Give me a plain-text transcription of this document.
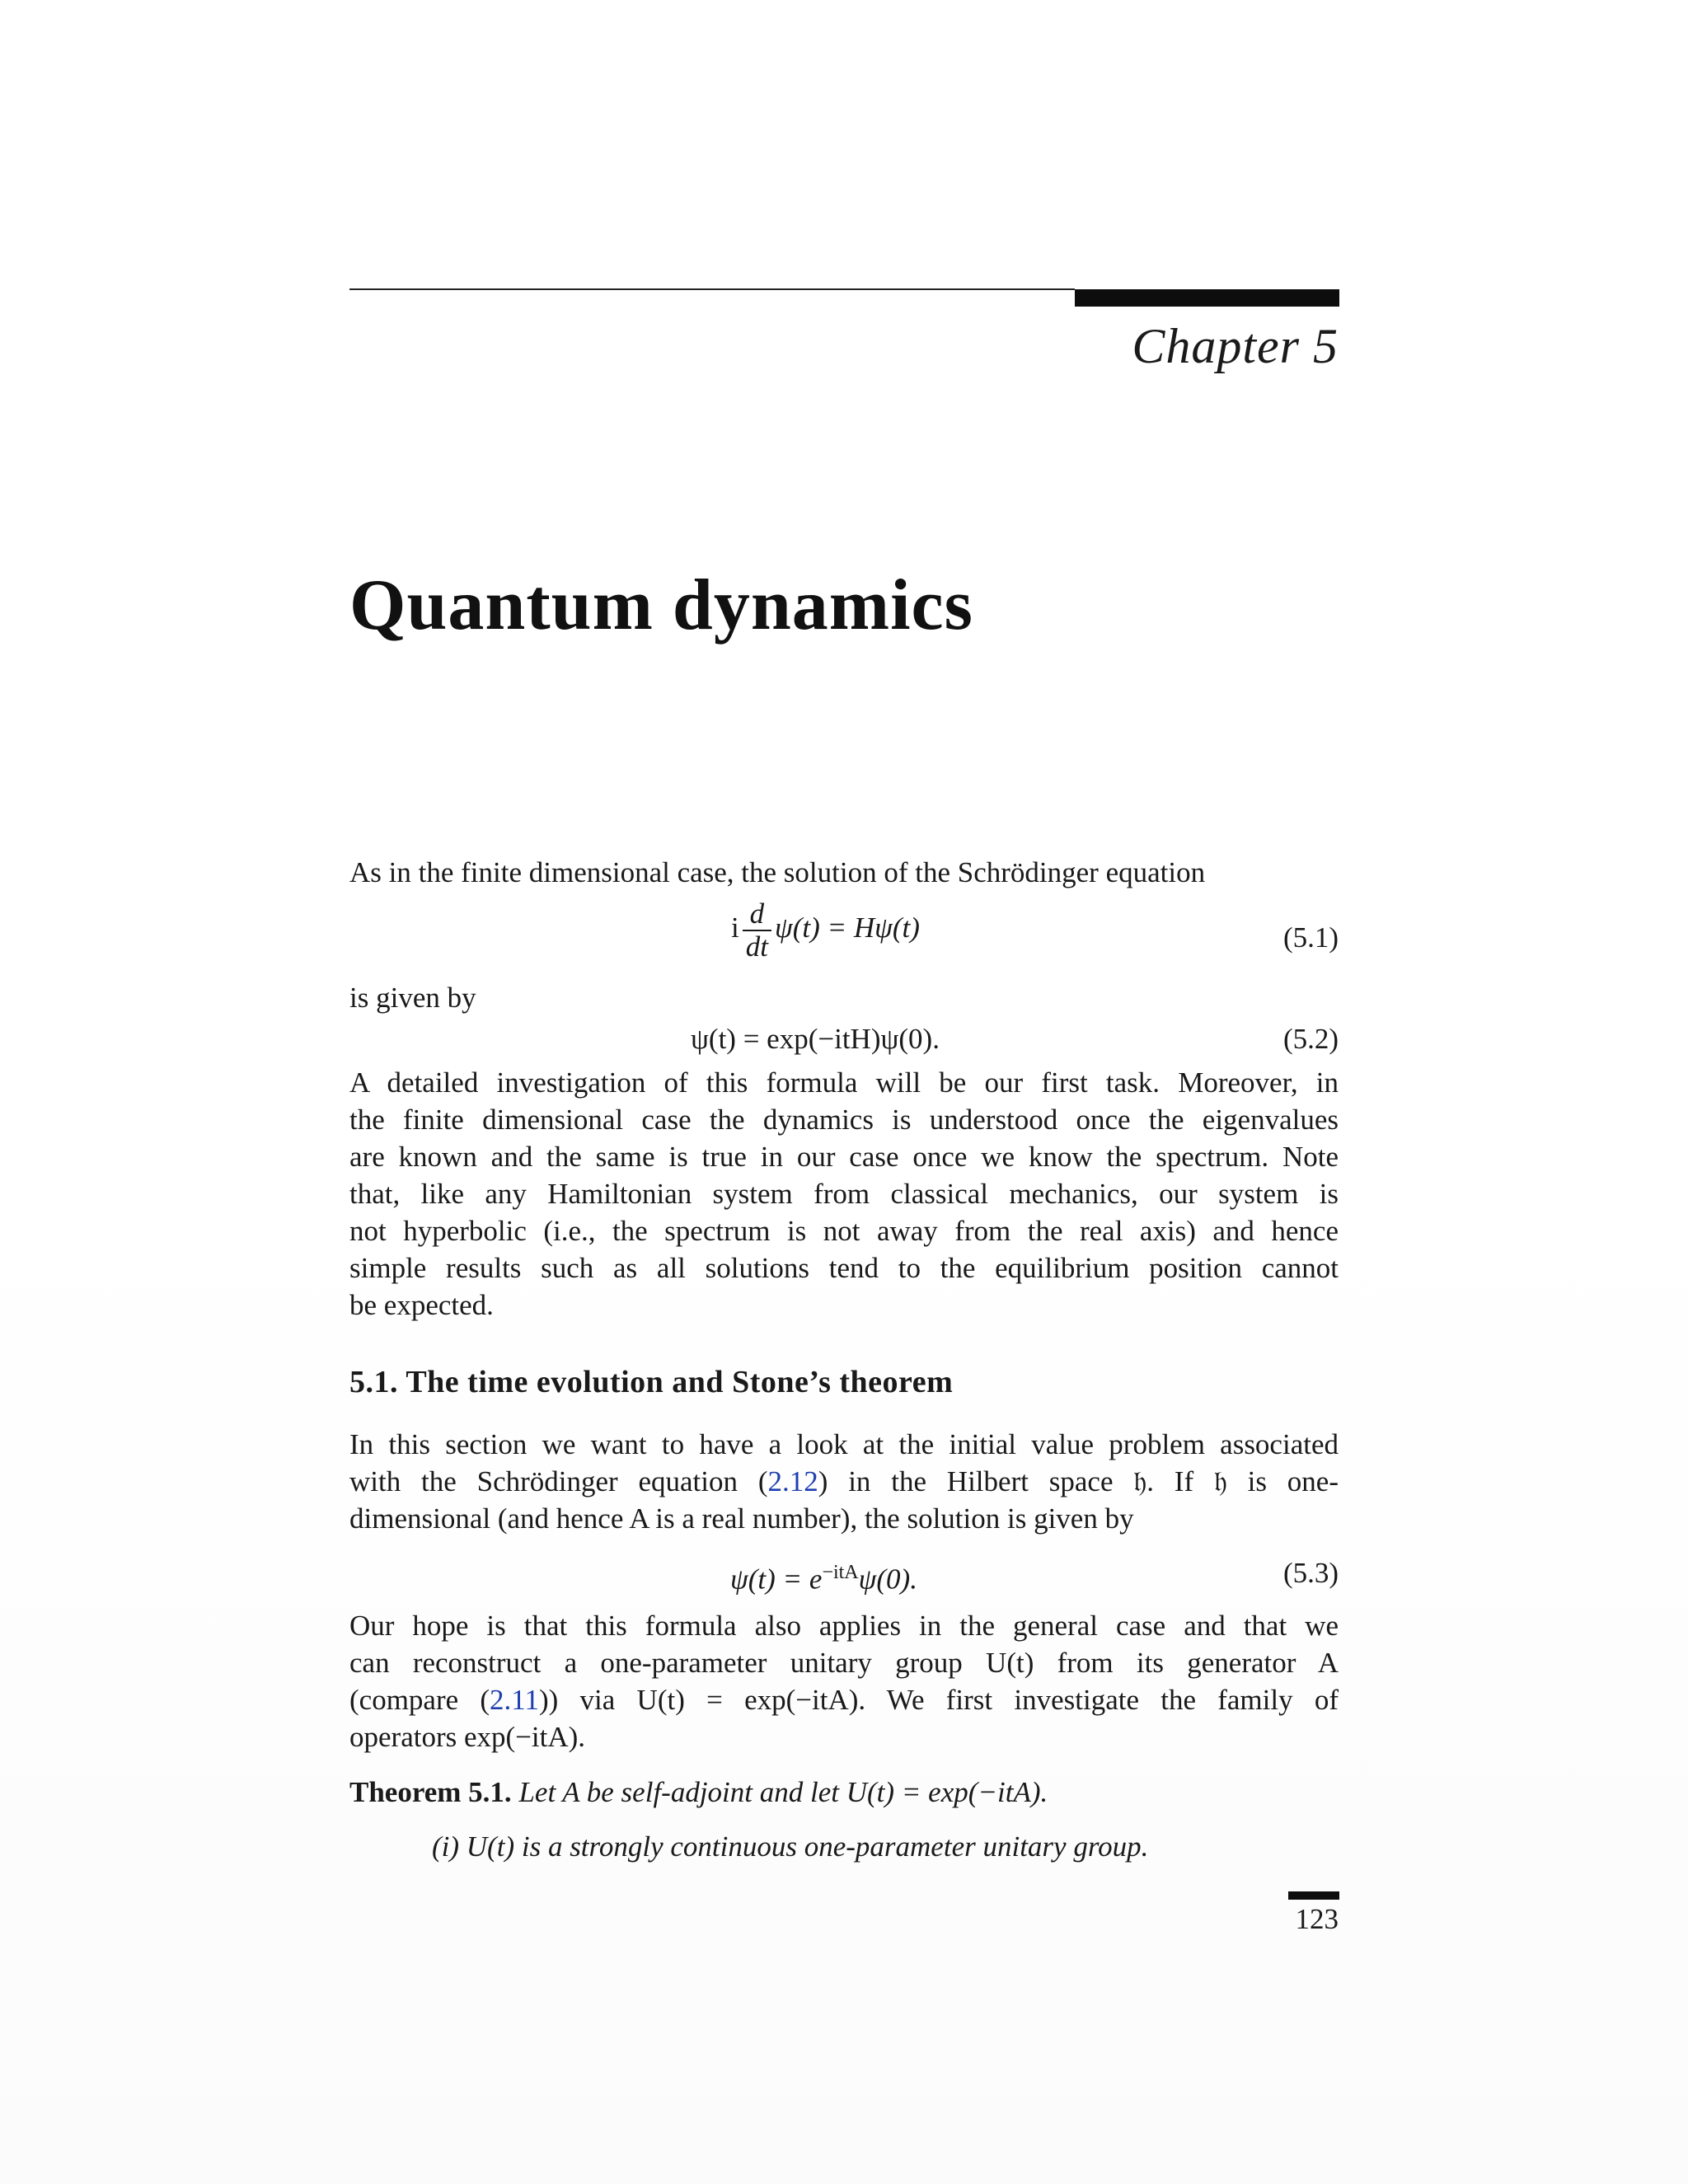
Chapter 5
Quantum dynamics
As in the finite dimensional case, the solution of the Schrödinger equation
i $\frac{d}{dt} \psi(t) = H\psi(t)$	(5.1)
is given by
ψ(t) = exp(−itH)ψ(0).	(5.2)
A detailed investigation of this formula will be our first task. Moreover, in
the finite dimensional case the dynamics is understood once the eigenvalues
are known and the same is true in our case once we know the spectrum. Note
that, like any Hamiltonian system from classical mechanics, our system is
not hyperbolic (i.e., the spectrum is not away from the real axis) and hence
simple results such as all solutions tend to the equilibrium position cannot
be expected.
5.1. The time evolution and Stone’s theorem
In this section we want to have a look at the initial value problem associated
with the Schrödinger equation (2.12) in the Hilbert space 𝔥. If 𝔥 is one-
dimensional (and hence A is a real number), the solution is given by
$\psi(t) = e^{-itA}\psi(0)$.	(5.3)
Our hope is that this formula also applies in the general case and that we
can reconstruct a one-parameter unitary group U(t) from its generator A
(compare (2.11)) via U(t) = exp(−itA). We first investigate the family of
operators exp(−itA).
Theorem 5.1. Let A be self-adjoint and let U(t) = exp(−itA).
(i) U(t) is a strongly continuous one-parameter unitary group.
123
